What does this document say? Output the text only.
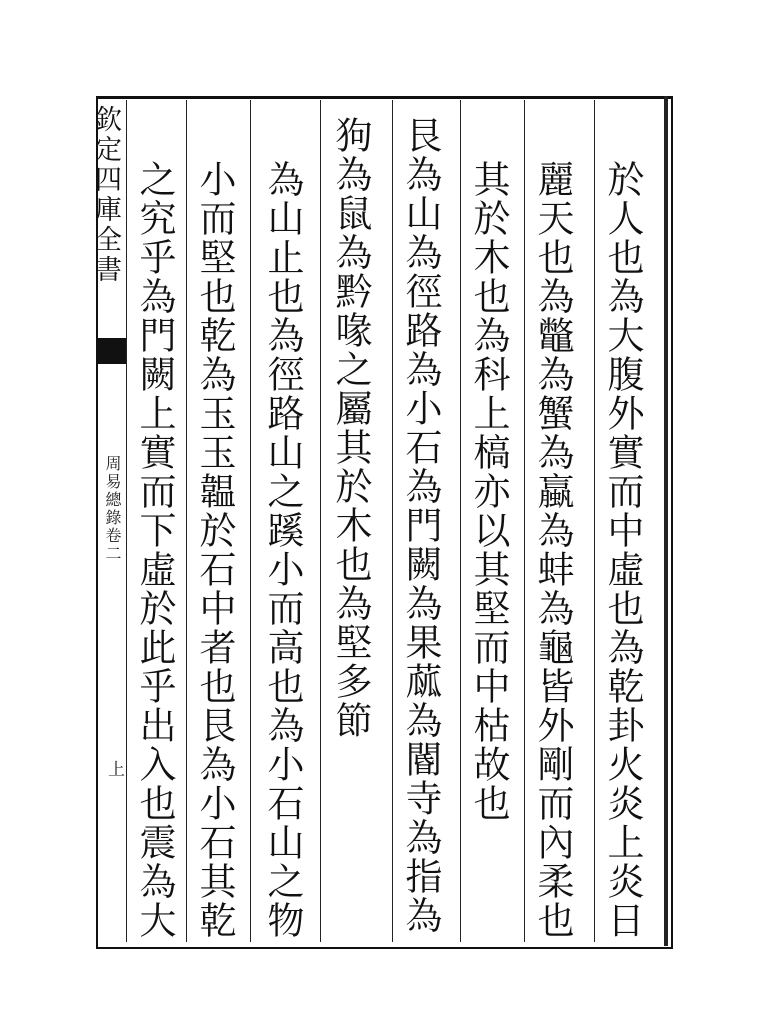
欽定四庫全書
周易總錄卷二
上	於人也為大腹外實而中虛也為乾卦火炎上炎日
麗天也為鼈為蟹為蠃為蚌為龜皆外剛而內柔也
其於木也為科上槁亦以其堅而中枯故也
艮為山為徑路為小石為門闕為果蓏為閽寺為指為
狗為鼠為黔喙之屬其於木也為堅多節
為山止也為徑路山之蹊小而高也為小石山之物
小而堅也乾為玉玉韞於石中者也艮為小石其乾
之究乎為門闕上實而下虛於此乎出入也震為大
